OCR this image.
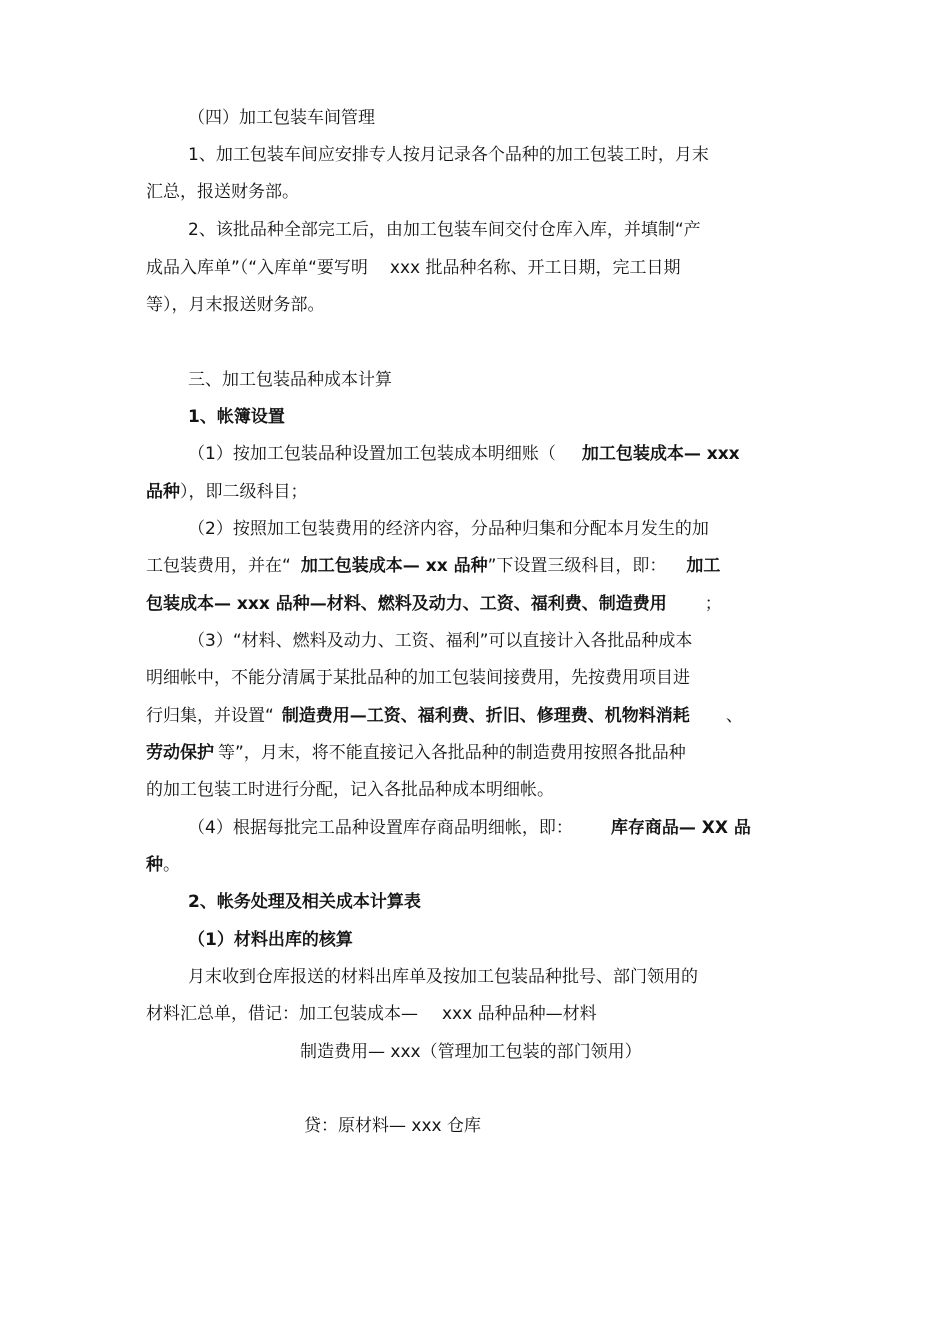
（四）加工包装车间管理
1、加工包装车间应安排专人按月记录各个品种的加工包装工时，月末
汇总，报送财务部。
2、该批品种全部完工后，由加工包装车间交付仓库入库，并填制“产
成品入库单”（“入库单“要写明 xxx 批品种名称、开工日期，完工日期
等），月末报送财务部。
三、加工包装品种成本计算
1、帐簿设置
（1）按加工包装品种设置加工包装成本明细账（ 加工包装成本— xxx
品种），即二级科目；
（2）按照加工包装费用的经济内容，分品种归集和分配本月发生的加
工包装费用，并在“ 加工包装成本— xx 品种”下设置三级科目，即： 加工
包装成本— xxx 品种—材料、燃料及动力、工资、福利费、制造费用 ；
（3）“材料、燃料及动力、工资、福利”可以直接计入各批品种成本
明细帐中，不能分清属于某批品种的加工包装间接费用，先按费用项目进
行归集，并设置“ 制造费用—工资、福利费、折旧、修理费、机物料消耗 、
劳动保护 等”，月末，将不能直接记入各批品种的制造费用按照各批品种
的加工包装工时进行分配，记入各批品种成本明细帐。
（4）根据每批完工品种设置库存商品明细帐，即： 库存商品— XX 品
种。
2、帐务处理及相关成本计算表
（1）材料出库的核算
月末收到仓库报送的材料出库单及按加工包装品种批号、部门领用的
材料汇总单，借记：加工包装成本— xxx 品种品种—材料
制造费用— xxx（管理加工包装的部门领用）
贷：原材料— xxx 仓库
